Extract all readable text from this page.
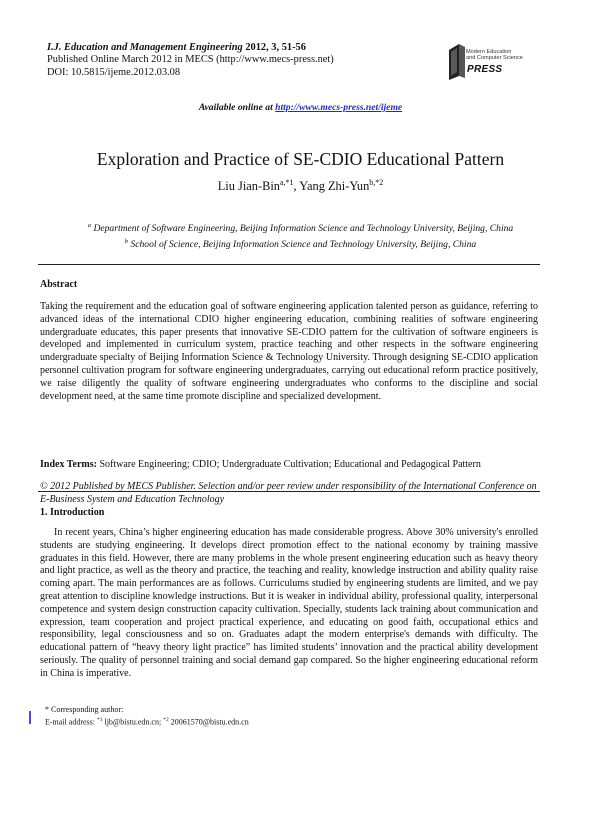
I.J. Education and Management Engineering 2012, 3, 51-56
Published Online March 2012 in MECS (http://www.mecs-press.net)
DOI: 10.5815/ijeme.2012.03.08
Modern Education
and Computer Science
PRESS
Available online at http://www.mecs-press.net/ijeme
Exploration and Practice of SE-CDIO Educational Pattern
Liu Jian-Bin$^{a,*1}$, Yang Zhi-Yun$^{b,*2}$
$^a$ Department of Software Engineering, Beijing Information Science and Technology University, Beijing, China
$^b$ School of Science, Beijing Information Science and Technology University, Beijing, China
Abstract
Taking the requirement and the education goal of software engineering application talented person as guidance, referring to advanced ideas of the international CDIO higher engineering education, combining realities of software engineering undergraduate educates, this paper presents that innovative SE-CDIO pattern for the cultivation of software engineers is developed and implemented in curriculum system, practice teaching and other respects in the software engineering undergraduate specialty of Beijing Information Science & Technology University. Through designing SE-CDIO application personnel cultivation program for software engineering undergraduates, carrying out educational reform practice positively, we raise diligently the quality of software engineering undergraduates who conforms to the discipline and social development need, at the same time promote discipline and specialized development.
Index Terms: Software Engineering; CDIO; Undergraduate Cultivation; Educational and Pedagogical Pattern
© 2012 Published by MECS Publisher. Selection and/or peer review under responsibility of the International Conference on E-Business System and Education Technology
1. Introduction
In recent years, China’s higher engineering education has made considerable progress. Above 30% university's enrolled students are studying engineering. It develops direct promotion effect to the national economy by training massive graduates in this field. However, there are many problems in the whole present engineering education such as heavy theory and light practice, as well as the theory and practice, the teaching and reality, knowledge instruction and ability quality raise coming apart. The main performances are as follows. Curriculums studied by engineering students are limited, and we pay great attention to discipline knowledge instructions. But it is weaker in individual ability, professional quality, interpersonal competence and system design construction capacity cultivation. Specially, students lack training about communication and expression, team cooperation and project practical experience, and educating on good faith, occupational ethics and responsibility, legal consciousness and so on. Graduates adapt the modern enterprise's demands with difficulty. The educational pattern of “heavy theory light practice” has limited students’ innovation and the practical ability development seriously. The quality of personnel training and social demand gap compared. So the higher engineering educational reform in China is imperative.
* Corresponding author:
E-mail address: $^{*1}$ ljb@bistu.edn.cn; $^{*2}$ 20061570@bistu.edn.cn
